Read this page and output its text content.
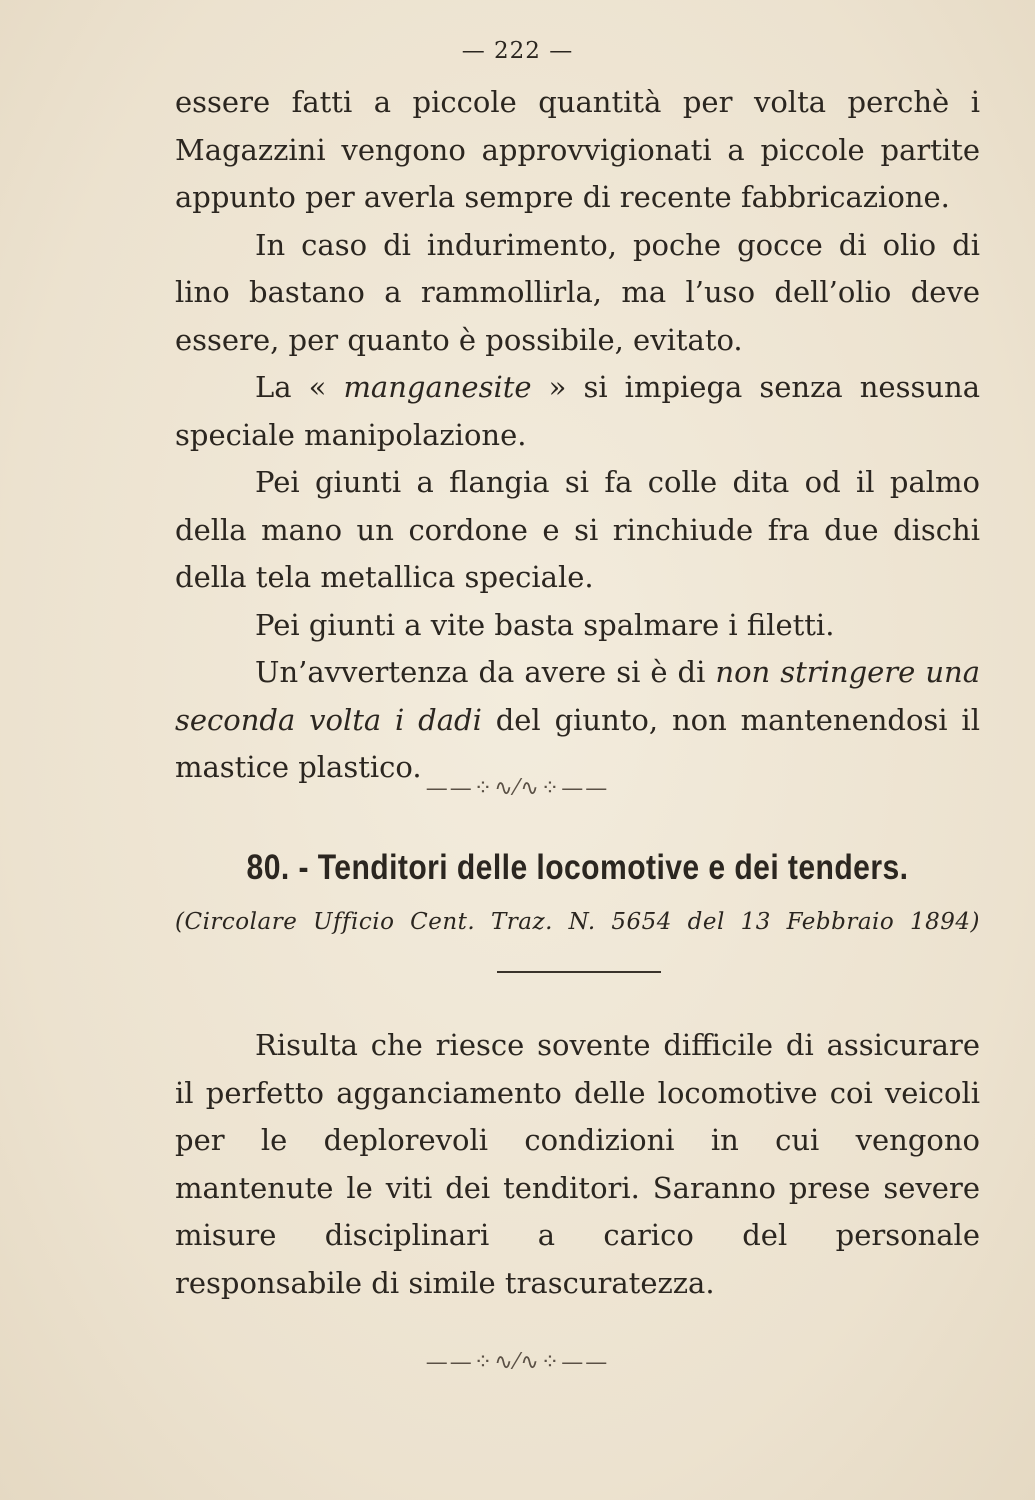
— 222 —

essere fatti a piccole quantità per volta perchè i Magazzini vengono approvvigionati a piccole partite appunto per averla sempre di recente fabbricazione.

In caso di indurimento, poche gocce di olio di lino bastano a rammollirla, ma l’uso dell’olio deve essere, per quanto è possibile, evitato.

La « manganesite » si impiega senza nessuna speciale manipolazione.

Pei giunti a flangia si fa colle dita od il palmo della mano un cordone e si rinchiude fra due dischi della tela metallica speciale.

Pei giunti a vite basta spalmare i filetti.

Un’avvertenza da avere si è di non stringere una seconda volta i dadi del giunto, non mantenendosi il mastice plastico.

——⁘∿⁄∿⁘——
80. - Tenditori delle locomotive e dei tenders.
(Circolare Ufficio Cent. Traz. N. 5654 del 13 Febbraio 1894)

Risulta che riesce sovente difficile di assicurare il perfetto agganciamento delle locomotive coi veicoli per le deplorevoli condizioni in cui vengono mantenute le viti dei tenditori. Saranno prese severe misure disciplinari a carico del personale responsabile di simile trascuratezza.

——⁘∿⁄∿⁘——
